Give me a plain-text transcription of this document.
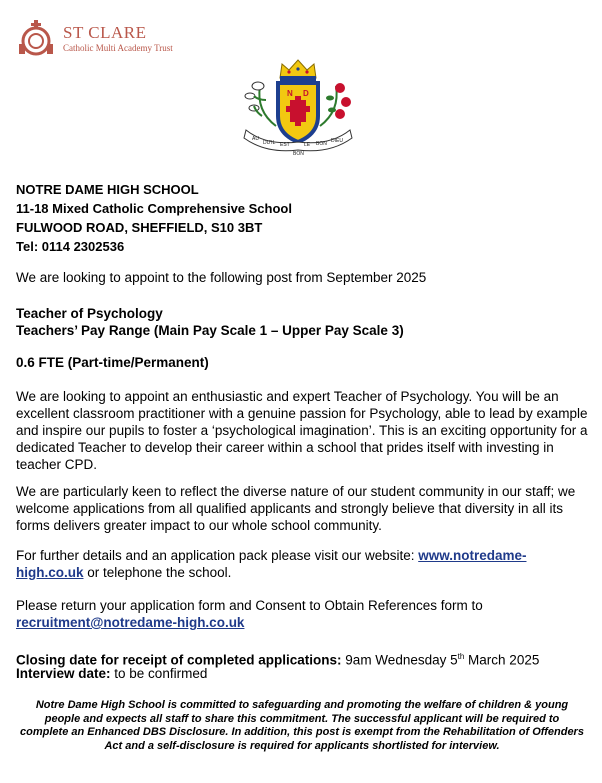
ST CLARE
Catholic Multi Academy Trust
N D
AU
DU'IL EST	LE BON DIEU
BON
NOTRE DAME HIGH SCHOOL
11-18 Mixed Catholic Comprehensive School
FULWOOD ROAD, SHEFFIELD, S10 3BT
Tel: 0114 2302536
We are looking to appoint to the following post from September 2025
Teacher of Psychology
Teachers’ Pay Range (Main Pay Scale 1 – Upper Pay Scale 3)
0.6 FTE (Part-time/Permanent)
We are looking to appoint an enthusiastic and expert Teacher of Psychology. You will be an excellent classroom practitioner with a genuine passion for Psychology, able to lead by example and inspire our pupils to foster a ‘psychological imagination’. This is an exciting opportunity for a dedicated Teacher to develop their career within a school that prides itself with investing in teacher CPD.
We are particularly keen to reflect the diverse nature of our student community in our staff; we welcome applications from all qualified applicants and strongly believe that diversity in all its forms delivers greater impact to our whole school community.
For further details and an application pack please visit our website: www.notredame-high.co.uk or telephone the school.
Please return your application form and Consent to Obtain References form to
recruitment@notredame-high.co.uk
Closing date for receipt of completed applications: 9am Wednesday 5th March 2025
Interview date: to be confirmed
Notre Dame High School is committed to safeguarding and promoting the welfare of children & young people and expects all staff to share this commitment. The successful applicant will be required to complete an Enhanced DBS Disclosure. In addition, this post is exempt from the Rehabilitation of Offenders Act and a self-disclosure is required for applicants shortlisted for interview.
